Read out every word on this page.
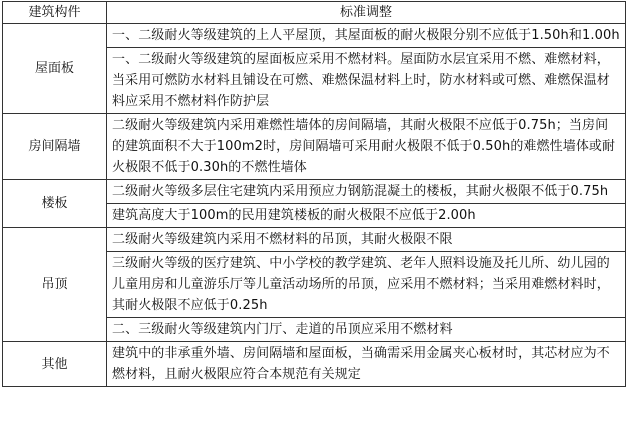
建筑构件	标准调整
屋面板	一、二级耐火等级建筑的上人平屋顶，其屋面板的耐火极限分别不应低于1.50h和1.00h
	一、二级耐火等级建筑的屋面板应采用不燃材料。屋面防水层宜采用不燃、难燃材料，当采用可燃防水材料且铺设在可燃、难燃保温材料上时，防水材料或可燃、难燃保温材料应采用不燃材料作防护层
房间隔墙	二级耐火等级建筑内采用难燃性墙体的房间隔墙，其耐火极限不应低于0.75h；当房间的建筑面积不大于100m2时，房间隔墙可采用耐火极限不低于0.50h的难燃性墙体或耐火极限不低于0.30h的不燃性墙体
楼板	二级耐火等级多层住宅建筑内采用预应力钢筋混凝土的楼板，其耐火极限不低于0.75h
	建筑高度大于100m的民用建筑楼板的耐火极限不应低于2.00h
吊顶	二级耐火等级建筑内采用不燃材料的吊顶，其耐火极限不限
	三级耐火等级的医疗建筑、中小学校的教学建筑、老年人照料设施及托儿所、幼儿园的儿童用房和儿童游乐厅等儿童活动场所的吊顶，应采用不燃材料；当采用难燃材料时，其耐火极限不应低于0.25h
	二、三级耐火等级建筑内门厅、走道的吊顶应采用不燃材料
其他	建筑中的非承重外墙、房间隔墙和屋面板，当确需采用金属夹心板材时，其芯材应为不燃材料，且耐火极限应符合本规范有关规定
